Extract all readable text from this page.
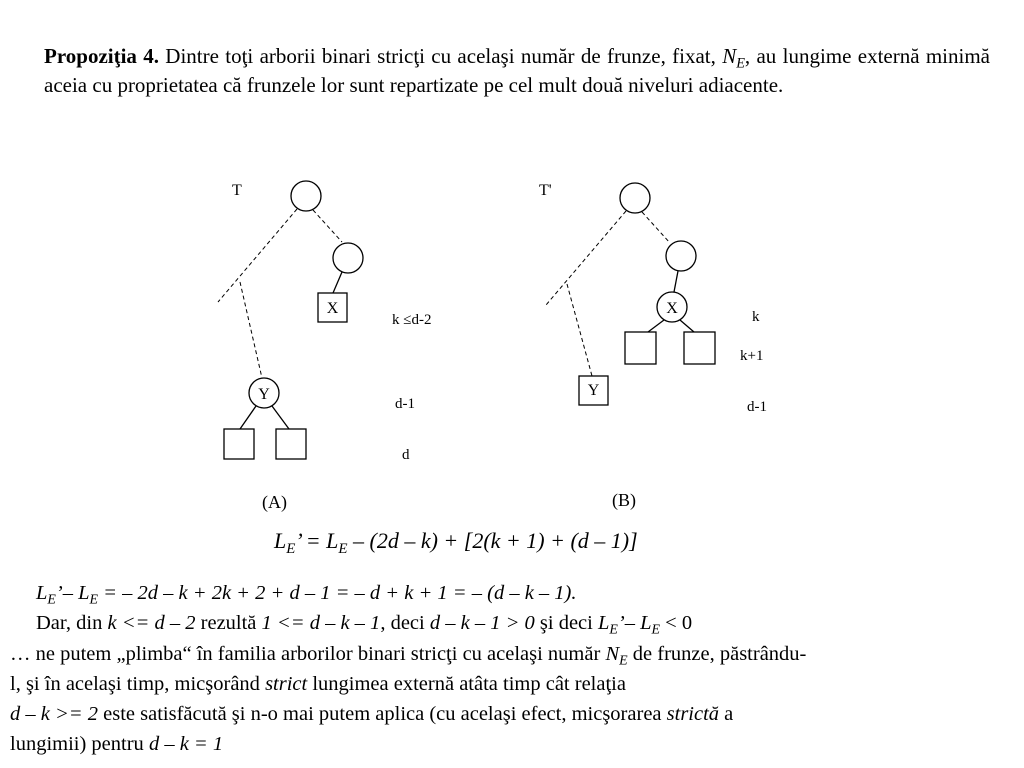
Propoziţia 4. Dintre toţi arborii binari stricţi cu acelaşi număr de frunze, fixat, $N_E$, au lungime externă minimă aceia cu proprietatea că frunzele lor sunt repartizate pe cel mult două niveluri adiacente.
T
X
Y
k ≤d-2
d-1
d
(A)
T'
X
Y
k
k+1
d-1
(B)
$L_E$’ = $L_E - (2d - k) + [2(k + 1) + (d - 1)]$
$L_E’-$ $L_E$ = – 2d – k + 2k + 2 + d – 1 = – d + k + 1 = – (d – k – 1).
Dar, din k <= d – 2 rezultă 1 <= d – k – 1, deci d – k – 1 > 0 şi deci $L_E’-$ $L_E < 0$
… ne putem „plimba“ în familia arborilor binari stricţi cu acelaşi număr $N_E$ de frunze, păstrându-
l, şi în acelaşi timp, micşorând strict lungimea externă atâta timp cât relaţia
d – k >= 2 este satisfăcută şi n-o mai putem aplica (cu acelaşi efect, micşorarea strictă a
lungimii) pentru d – k = 1
